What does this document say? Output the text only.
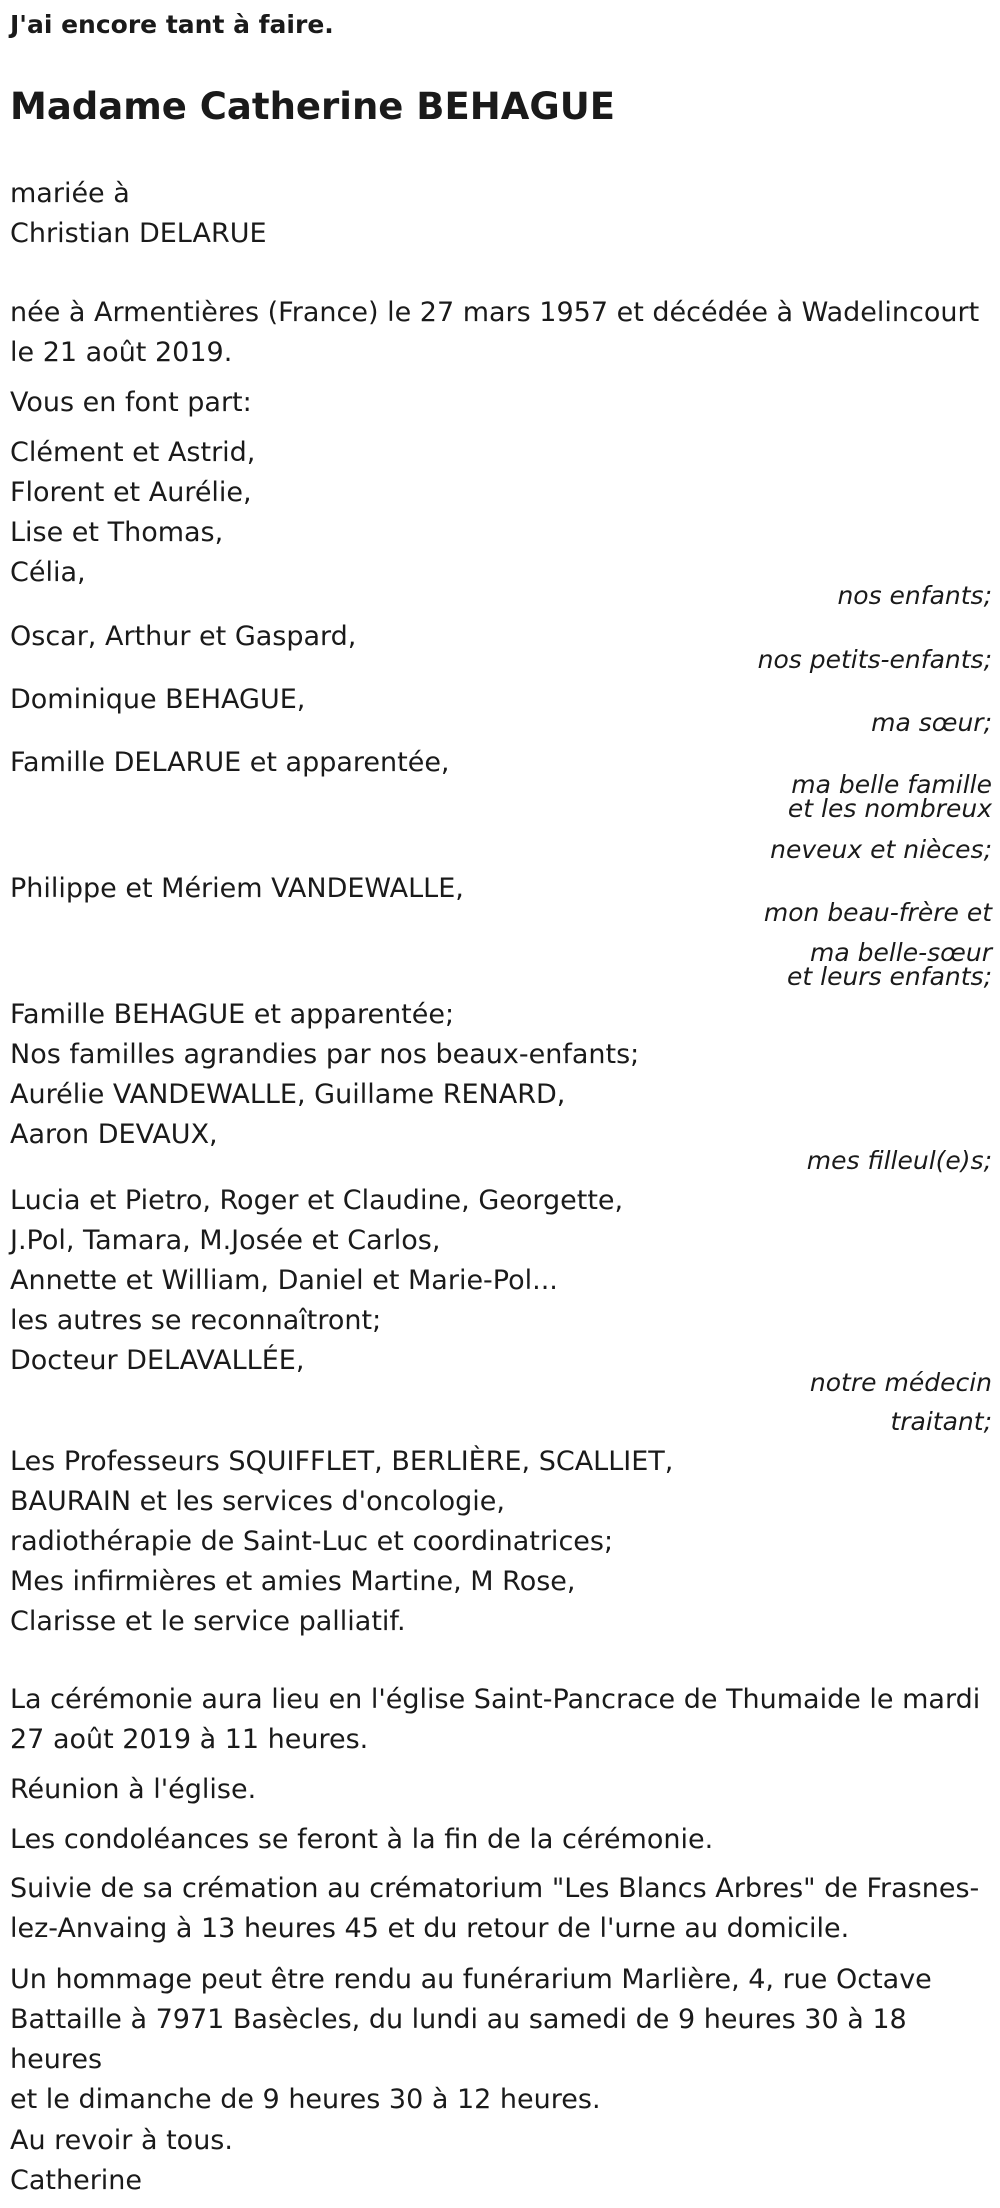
J'ai encore tant à faire.
Madame Catherine BEHAGUE
mariée à
Christian DELARUE
née à Armentières (France) le 27 mars 1957 et décédée à Wadelincourt
le 21 août 2019.
Vous en font part:
Clément et Astrid,
Florent et Aurélie,
Lise et Thomas,
Célia,
nos enfants;
Oscar, Arthur et Gaspard,
nos petits-enfants;
Dominique BEHAGUE,
ma sœur;
Famille DELARUE et apparentée,
ma belle famille
et les nombreux
neveux et nièces;
Philippe et Mériem VANDEWALLE,
mon beau-frère et
ma belle-sœur
et leurs enfants;
Famille BEHAGUE et apparentée;
Nos familles agrandies par nos beaux-enfants;
Aurélie VANDEWALLE, Guillame RENARD,
Aaron DEVAUX,
mes filleul(e)s;
Lucia et Pietro, Roger et Claudine, Georgette,
J.Pol, Tamara, M.Josée et Carlos,
Annette et William, Daniel et Marie-Pol...
les autres se reconnaîtront;
Docteur DELAVALLÉE,
notre médecin
traitant;
Les Professeurs SQUIFFLET, BERLIÈRE, SCALLIET,
BAURAIN et les services d'oncologie,
radiothérapie de Saint-Luc et coordinatrices;
Mes infirmières et amies Martine, M Rose,
Clarisse et le service palliatif.
La cérémonie aura lieu en l'église Saint-Pancrace de Thumaide le mardi
27 août 2019 à 11 heures.
Réunion à l'église.
Les condoléances se feront à la fin de la cérémonie.
Suivie de sa crémation au crématorium "Les Blancs Arbres" de Frasnes-
lez-Anvaing à 13 heures 45 et du retour de l'urne au domicile.
Un hommage peut être rendu au funérarium Marlière, 4, rue Octave
Battaille à 7971 Basècles, du lundi au samedi de 9 heures 30 à 18 heures
et le dimanche de 9 heures 30 à 12 heures.
Au revoir à tous.
Catherine
